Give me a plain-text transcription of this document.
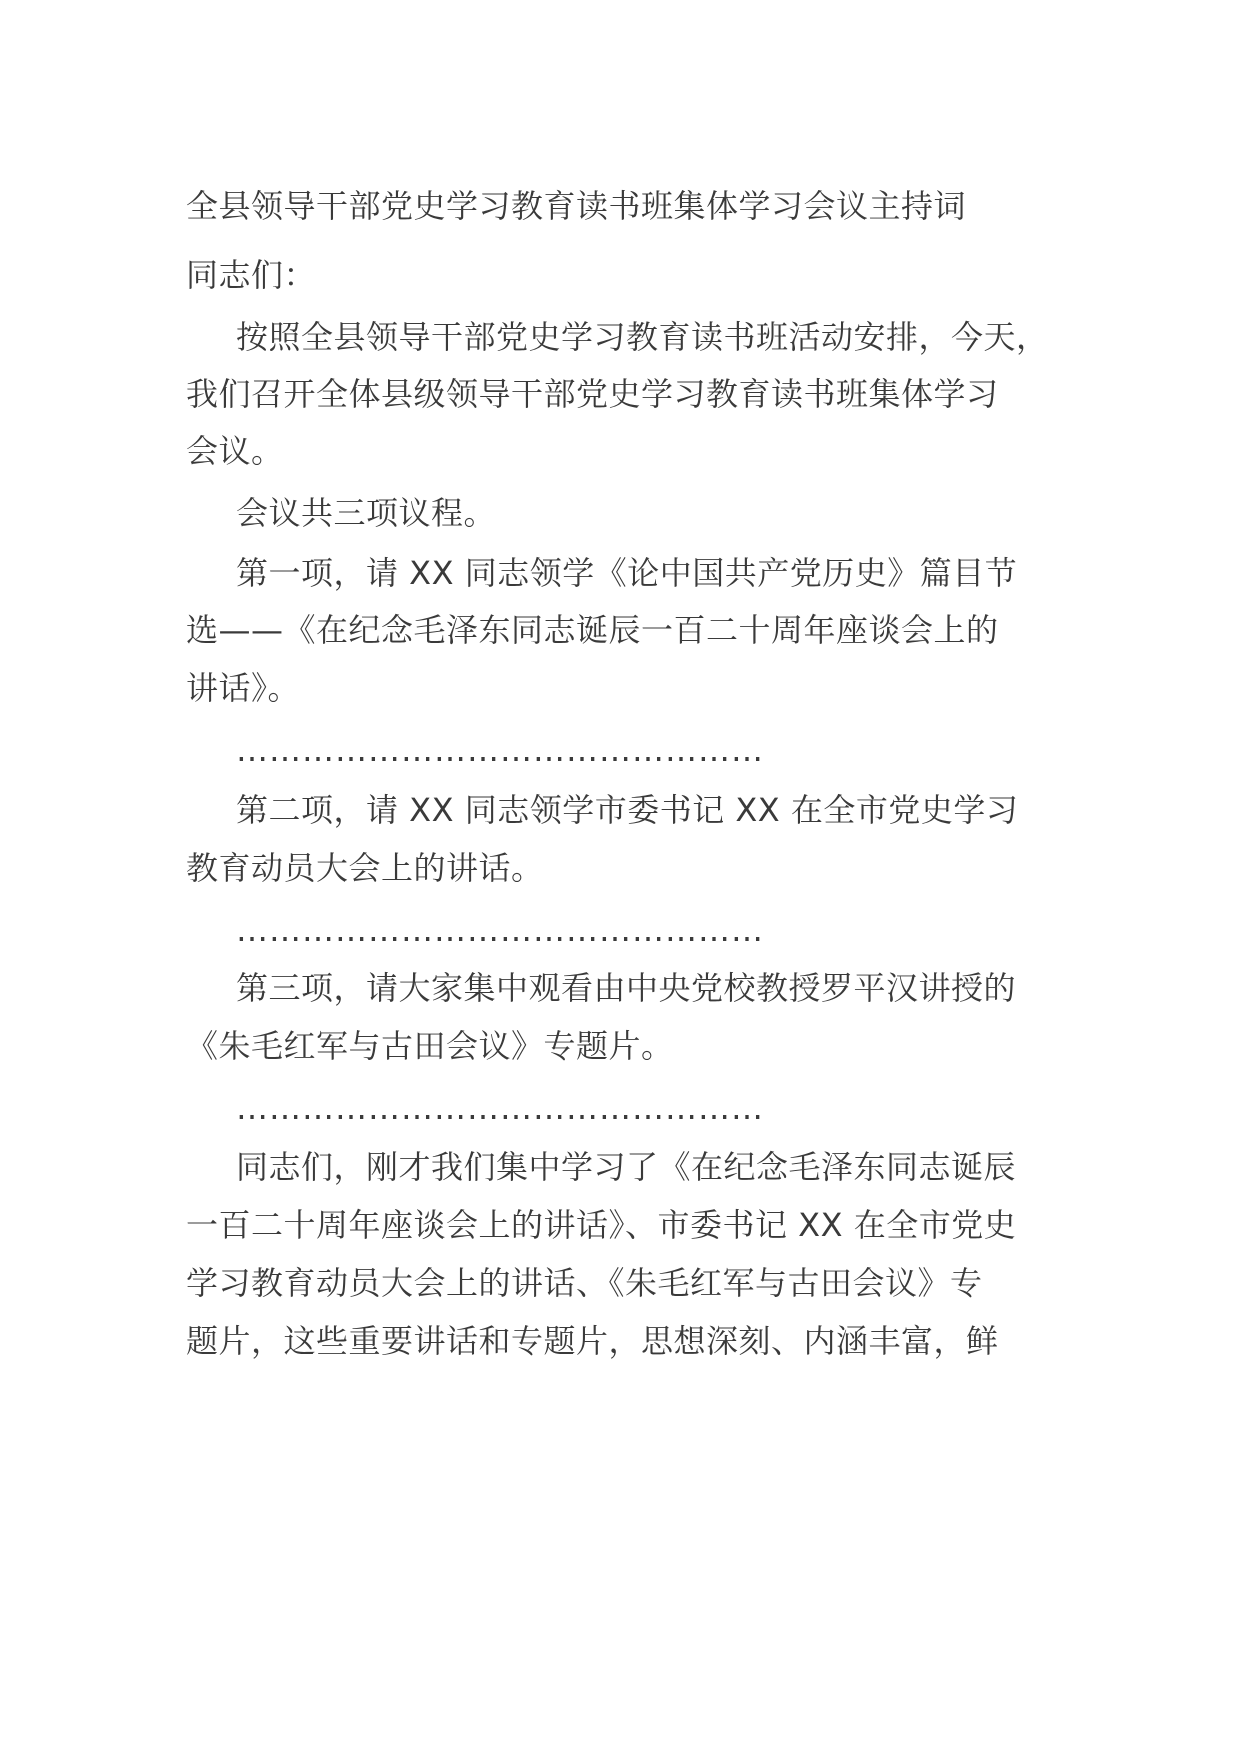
全县领导干部党史学习教育读书班集体学习会议主持词
同志们：
按照全县领导干部党史学习教育读书班活动安排，今天，
我们召开全体县级领导干部党史学习教育读书班集体学习
会议。
会议共三项议程。
第一项，请 XX 同志领学《论中国共产党历史》篇目节
选——《在纪念毛泽东同志诞辰一百二十周年座谈会上的
讲话》。
…………………………………………
第二项，请 XX 同志领学市委书记 XX 在全市党史学习
教育动员大会上的讲话。
…………………………………………
第三项，请大家集中观看由中央党校教授罗平汉讲授的
《朱毛红军与古田会议》专题片。
…………………………………………
同志们，刚才我们集中学习了《在纪念毛泽东同志诞辰
一百二十周年座谈会上的讲话》、市委书记 XX 在全市党史
学习教育动员大会上的讲话、《朱毛红军与古田会议》专
题片，这些重要讲话和专题片，思想深刻、内涵丰富，鲜
